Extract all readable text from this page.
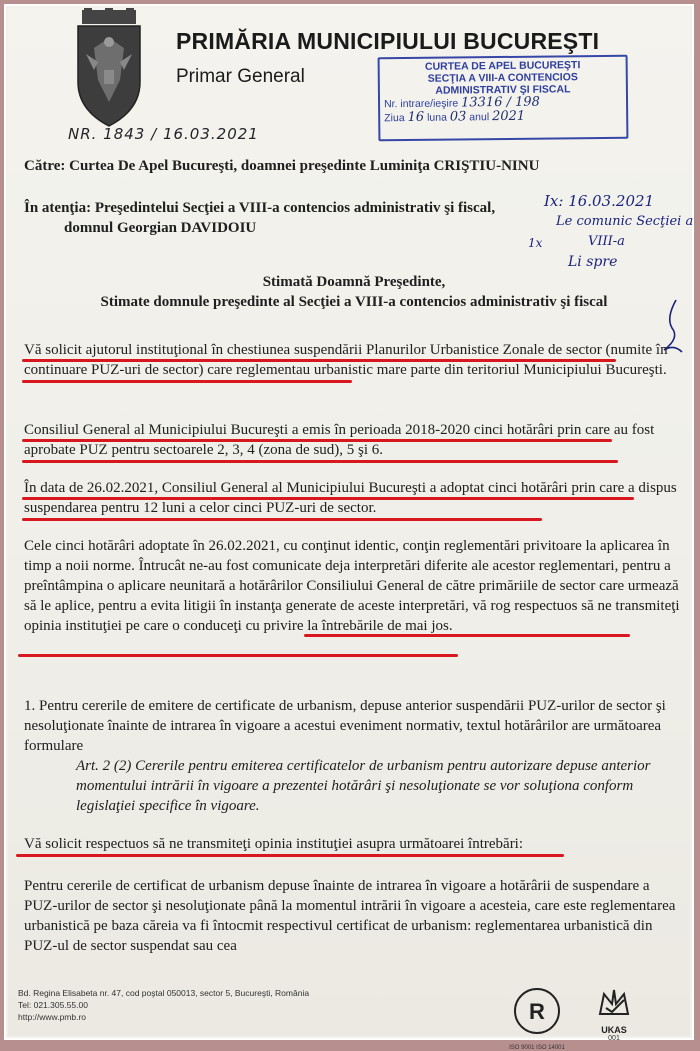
PRIMĂRIA MUNICIPIULUI BUCUREŞTI
Primar General	CURTEA DE APEL BUCUREŞTI
SECŢIA A VIII-A CONTENCIOS
ADMINISTRATIV ŞI FISCAL
Nr. intrare/ieşire 13316 / 198
Ziua 16 luna 03 anul 2021
NR. 1843 / 16.03.2021
Către: Curtea De Apel Bucureşti, doamnei preşedinte Luminiţa CRIŞTIU-NINU
În atenţia: Preşedintelui Secţiei a VIII-a contencios administrativ şi fiscal,
domnul Georgian DAVIDOIU
Ix: 16.03.2021
Le comunic Secţiei a
1x	VIII-a
Li spre
Stimată Doamnă Preşedinte,
Stimate domnule preşedinte al Secţiei a VIII-a contencios administrativ şi fiscal
Vă solicit ajutorul instituţional în chestiunea suspendării Planurilor Urbanistice Zonale de sector (numite în continuare PUZ-uri de sector) care reglementau urbanistic mare parte din teritoriul Municipiului Bucureşti.
Consiliul General al Municipiului Bucureşti a emis în perioada 2018-2020 cinci hotărâri prin care au fost aprobate PUZ pentru sectoarele 2, 3, 4 (zona de sud), 5 şi 6.
În data de 26.02.2021, Consiliul General al Municipiului Bucureşti a adoptat cinci hotărâri prin care a dispus suspendarea pentru 12 luni a celor cinci PUZ-uri de sector.
Cele cinci hotărâri adoptate în 26.02.2021, cu conţinut identic, conţin reglementări privitoare la aplicarea în timp a noii norme. Întrucât ne-au fost comunicate deja interpretări diferite ale acestor reglementari, pentru a preîntâmpina o aplicare neunitară a hotărârilor Consiliului General de către primăriile de sector care urmează să le aplice, pentru a evita litigii în instanţa generate de aceste interpretări, vă rog respectuos să ne transmiteţi opinia instituţiei pe care o conduceţi cu privire la întrebările de mai jos.
1. Pentru cererile de emitere de certificate de urbanism, depuse anterior suspendării PUZ-urilor de sector şi nesoluţionate înainte de intrarea în vigoare a acestui eveniment normativ, textul hotărârilor are următoarea formulare
Art. 2 (2) Cererile pentru emiterea certificatelor de urbanism pentru autorizare depuse anterior momentului intrării în vigoare a prezentei hotărâri şi nesoluţionate se vor soluţiona conform legislaţiei specifice în vigoare.
Vă solicit respectuos să ne transmiteţi opinia instituţiei asupra următoarei întrebări:
Pentru cererile de certificat de urbanism depuse înainte de intrarea în vigoare a hotărârii de suspendare a PUZ-urilor de sector şi nesoluţionate până la momentul intrării în vigoare a acesteia, care este reglementarea urbanistică pe baza căreia va fi întocmit respectivul certificat de urbanism: reglementarea urbanistică din PUZ-ul de sector suspendat sau cea
Bd. Regina Elisabeta nr. 47, cod poştal 050013, sector 5, Bucureşti, România
Tel: 021.305.55.00
http://www.pmb.ro	R
ISO 9001 ISO 14001
UKAS
001
